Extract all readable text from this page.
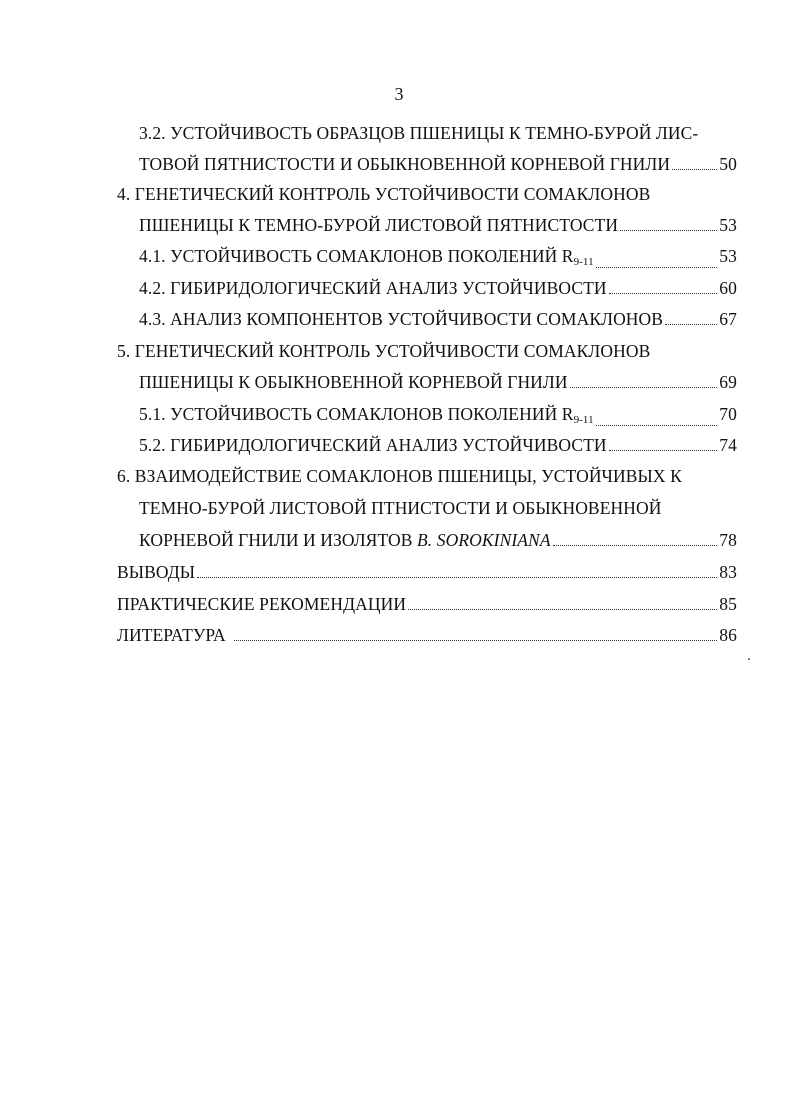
3
3.2. УСТОЙЧИВОСТЬ ОБРАЗЦОВ ПШЕНИЦЫ К ТЕМНО-БУРОЙ ЛИС-
ТОВОЙ ПЯТНИСТОСТИ И ОБЫКНОВЕННОЙ КОРНЕВОЙ ГНИЛИ	50
4. ГЕНЕТИЧЕСКИЙ КОНТРОЛЬ УСТОЙЧИВОСТИ СОМАКЛОНОВ
ПШЕНИЦЫ К ТЕМНО-БУРОЙ ЛИСТОВОЙ ПЯТНИСТОСТИ	53
4.1. УСТОЙЧИВОСТЬ СОМАКЛОНОВ ПОКОЛЕНИЙ $R_{9-11}$	53
4.2. ГИБИРИДОЛОГИЧЕСКИЙ АНАЛИЗ УСТОЙЧИВОСТИ	60
4.3. АНАЛИЗ КОМПОНЕНТОВ УСТОЙЧИВОСТИ СОМАКЛОНОВ	67
5. ГЕНЕТИЧЕСКИЙ КОНТРОЛЬ УСТОЙЧИВОСТИ СОМАКЛОНОВ
ПШЕНИЦЫ К ОБЫКНОВЕННОЙ КОРНЕВОЙ ГНИЛИ	69
5.1. УСТОЙЧИВОСТЬ СОМАКЛОНОВ ПОКОЛЕНИЙ $R_{9-11}$	70
5.2. ГИБИРИДОЛОГИЧЕСКИЙ АНАЛИЗ УСТОЙЧИВОСТИ	74
6. ВЗАИМОДЕЙСТВИЕ СОМАКЛОНОВ ПШЕНИЦЫ, УСТОЙЧИВЫХ К
ТЕМНО-БУРОЙ ЛИСТОВОЙ ПТНИСТОСТИ И ОБЫКНОВЕННОЙ
КОРНЕВОЙ ГНИЛИ И ИЗОЛЯТОВ B. SOROKINIANA	78
ВЫВОДЫ	83
ПРАКТИЧЕСКИЕ РЕКОМЕНДАЦИИ	85
ЛИТЕРАТУРА	86
